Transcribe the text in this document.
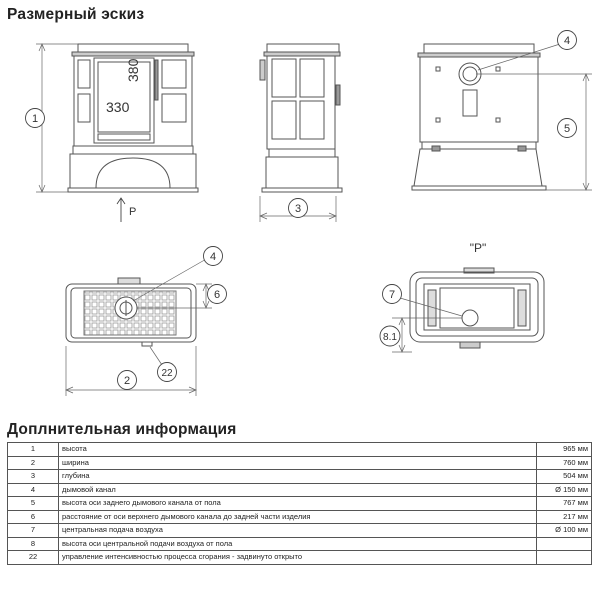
Размерный эскиз
330
380
1
P	3
4
5
4
6
2
22
"P"
7
8.1
Доплнительная информация
1	высота	965 мм
2	ширина	760 мм
3	глубина	504 мм
4	дымовой канал	Ø 150 мм
5	высота оси заднего дымового канала от пола	767 мм
6	расстояние от оси верхнего дымового канала до задней части изделия	217 мм
7	центральная подача воздуха	Ø 100 мм
8	высота оси центральной подачи воздуха от пола	
22	управление интенсивностью процесса сгорания - задвинуто открыто	
